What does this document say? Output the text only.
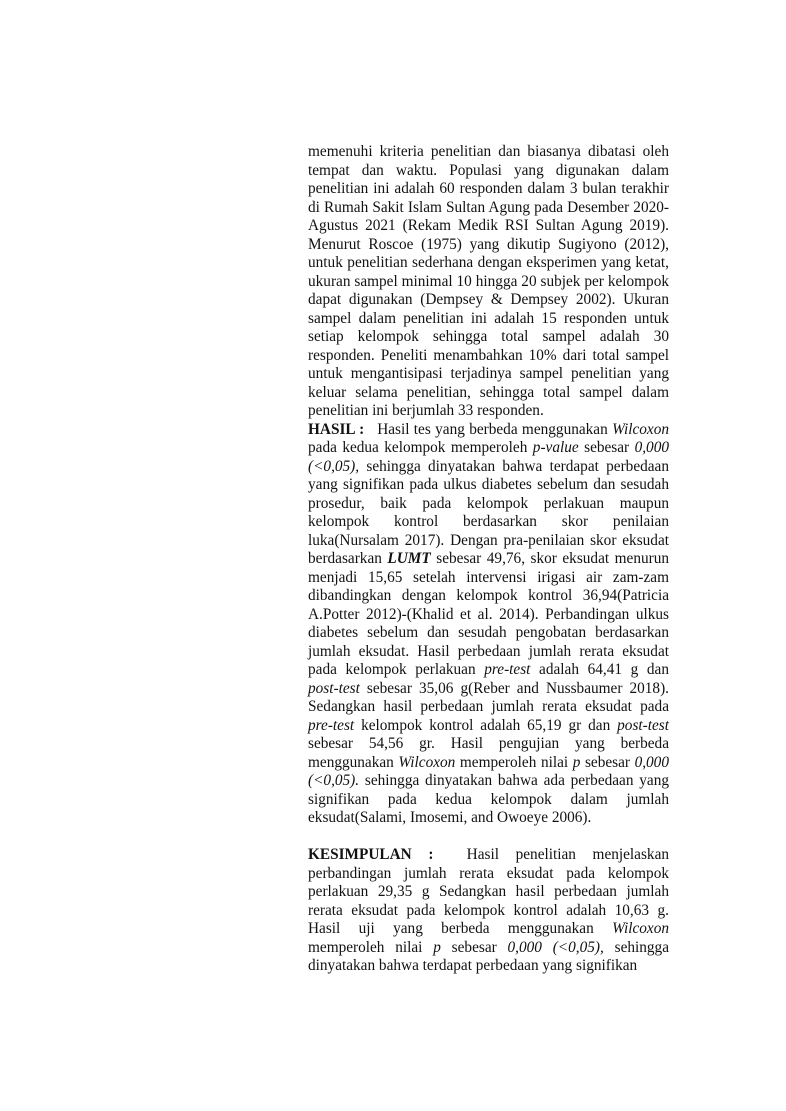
memenuhi kriteria penelitian dan biasanya dibatasi oleh tempat dan waktu. Populasi yang digunakan dalam penelitian ini adalah 60 responden dalam 3 bulan terakhir di Rumah Sakit Islam Sultan Agung pada Desember 2020-Agustus 2021 (Rekam Medik RSI Sultan Agung 2019). Menurut Roscoe (1975) yang dikutip Sugiyono (2012), untuk penelitian sederhana dengan eksperimen yang ketat, ukuran sampel minimal 10 hingga 20 subjek per kelompok dapat digunakan (Dempsey & Dempsey 2002). Ukuran sampel dalam penelitian ini adalah 15 responden untuk setiap kelompok sehingga total sampel adalah 30 responden. Peneliti menambahkan 10% dari total sampel untuk mengantisipasi terjadinya sampel penelitian yang keluar selama penelitian, sehingga total sampel dalam penelitian ini berjumlah 33 responden.

HASIL :   Hasil tes yang berbeda menggunakan Wilcoxon pada kedua kelompok memperoleh p-value sebesar 0,000 (<0,05), sehingga dinyatakan bahwa terdapat perbedaan yang signifikan pada ulkus diabetes sebelum dan sesudah prosedur, baik pada kelompok perlakuan maupun kelompok kontrol berdasarkan skor penilaian luka(Nursalam 2017). Dengan pra-penilaian skor eksudat berdasarkan LUMT sebesar 49,76, skor eksudat menurun menjadi 15,65 setelah intervensi irigasi air zam-zam dibandingkan dengan kelompok kontrol 36,94(Patricia A.Potter 2012)-(Khalid et al. 2014). Perbandingan ulkus diabetes sebelum dan sesudah pengobatan berdasarkan jumlah eksudat. Hasil perbedaan jumlah rerata eksudat pada kelompok perlakuan pre-test adalah 64,41 g dan post-test sebesar 35,06 g(Reber and Nussbaumer 2018). Sedangkan hasil perbedaan jumlah rerata eksudat pada pre-test kelompok kontrol adalah 65,19 gr dan post-test sebesar 54,56 gr. Hasil pengujian yang berbeda menggunakan Wilcoxon memperoleh nilai p sebesar 0,000 (<0,05). sehingga dinyatakan bahwa ada perbedaan yang signifikan pada kedua kelompok dalam jumlah eksudat(Salami, Imosemi, and Owoeye 2006).

KESIMPULAN :  Hasil penelitian menjelaskan perbandingan jumlah rerata eksudat pada kelompok perlakuan 29,35 g Sedangkan hasil perbedaan jumlah rerata eksudat pada kelompok kontrol adalah 10,63 g. Hasil uji yang berbeda menggunakan Wilcoxon memperoleh nilai p sebesar 0,000 (<0,05), sehingga dinyatakan bahwa terdapat perbedaan yang signifikan
